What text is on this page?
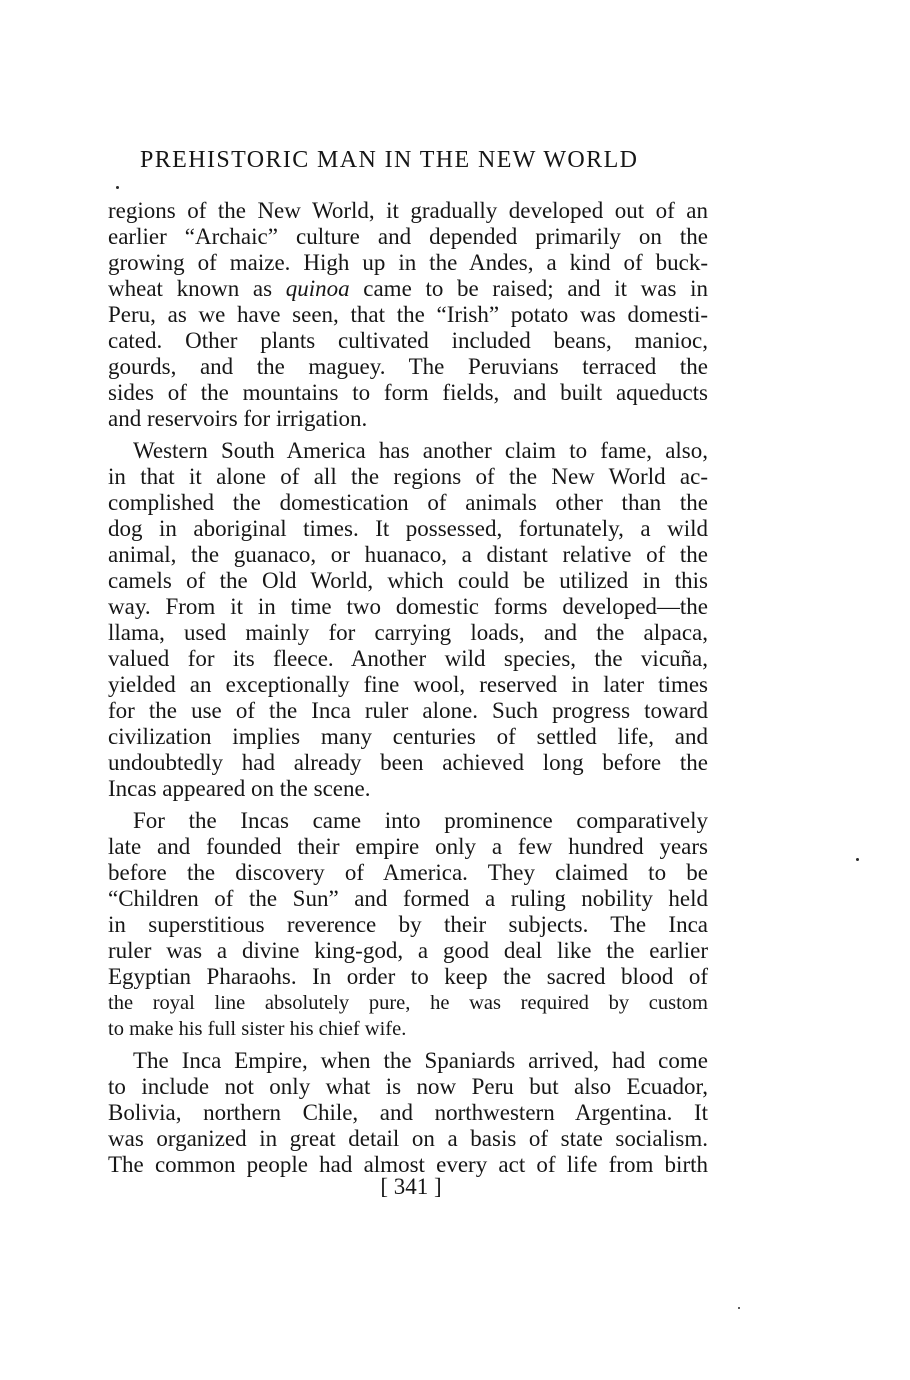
PREHISTORIC MAN IN THE NEW WORLD
regions of the New World, it gradually developed out of an
earlier “Archaic” culture and depended primarily on the
growing of maize. High up in the Andes, a kind of buck-
wheat known as quinoa came to be raised; and it was in
Peru, as we have seen, that the “Irish” potato was domesti-
cated. Other plants cultivated included beans, manioc,
gourds, and the maguey. The Peruvians terraced the
sides of the mountains to form fields, and built aqueducts
and reservoirs for irrigation.
Western South America has another claim to fame, also,
in that it alone of all the regions of the New World ac-
complished the domestication of animals other than the
dog in aboriginal times. It possessed, fortunately, a wild
animal, the guanaco, or huanaco, a distant relative of the
camels of the Old World, which could be utilized in this
way. From it in time two domestic forms developed—the
llama, used mainly for carrying loads, and the alpaca,
valued for its fleece. Another wild species, the vicuña,
yielded an exceptionally fine wool, reserved in later times
for the use of the Inca ruler alone. Such progress toward
civilization implies many centuries of settled life, and
undoubtedly had already been achieved long before the
Incas appeared on the scene.
For the Incas came into prominence comparatively
late and founded their empire only a few hundred years
before the discovery of America. They claimed to be
“Children of the Sun” and formed a ruling nobility held
in superstitious reverence by their subjects. The Inca
ruler was a divine king-god, a good deal like the earlier
Egyptian Pharaohs. In order to keep the sacred blood of
the royal line absolutely pure, he was required by custom
to make his full sister his chief wife.
The Inca Empire, when the Spaniards arrived, had come
to include not only what is now Peru but also Ecuador,
Bolivia, northern Chile, and northwestern Argentina. It
was organized in great detail on a basis of state socialism.
The common people had almost every act of life from birth
[ 341 ]
